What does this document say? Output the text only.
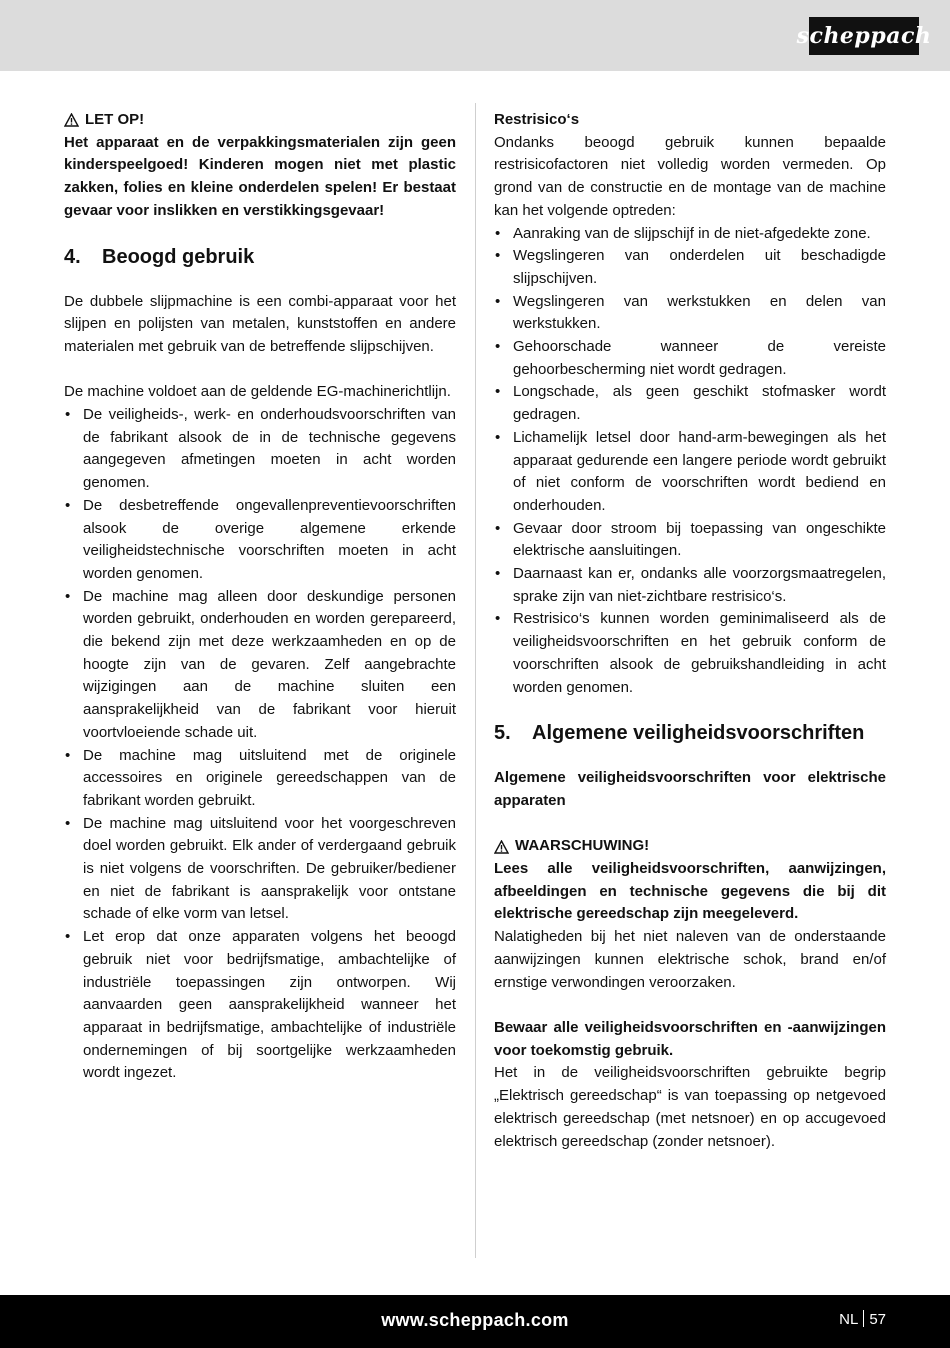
scheppach
LET OP!

Het apparaat en de verpakkingsmaterialen zijn geen kinderspeelgoed! Kinderen mogen niet met plastic zakken, folies en kleine onderdelen spelen! Er bestaat gevaar voor inslikken en verstikkingsgevaar!

4.	Beoogd gebruik

De dubbele slijpmachine is een combi-apparaat voor het slijpen en polijsten van metalen, kunststoffen en andere materialen met gebruik van de betreffende slijpschijven.

De machine voldoet aan de geldende EG-machinerichtlijn.

• De veiligheids-, werk- en onderhoudsvoorschriften van de fabrikant alsook de in de technische gegevens aangegeven afmetingen moeten in acht worden genomen.
• De desbetreffende ongevallenpreventievoorschriften alsook de overige algemene erkende veiligheidstechnische voorschriften moeten in acht worden genomen.
• De machine mag alleen door deskundige personen worden gebruikt, onderhouden en worden gerepareerd, die bekend zijn met deze werkzaamheden en op de hoogte zijn van de gevaren. Zelf aangebrachte wijzigingen aan de machine sluiten een aansprakelijkheid van de fabrikant voor hieruit voortvloeiende schade uit.
• De machine mag uitsluitend met de originele accessoires en originele gereedschappen van de fabrikant worden gebruikt.
• De machine mag uitsluitend voor het voorgeschreven doel worden gebruikt. Elk ander of verdergaand gebruik is niet volgens de voorschriften. De gebruiker/bediener en niet de fabrikant is aansprakelijk voor ontstane schade of elke vorm van letsel.
• Let erop dat onze apparaten volgens het beoogd gebruik niet voor bedrijfsmatige, ambachtelijke of industriële toepassingen zijn ontworpen. Wij aanvaarden geen aansprakelijkheid wanneer het apparaat in bedrijfsmatige, ambachtelijke of industriële ondernemingen of bij soortgelijke werkzaamheden wordt ingezet.

Restrisico‘s

Ondanks beoogd gebruik kunnen bepaalde restrisicofactoren niet volledig worden vermeden. Op grond van de constructie en de montage van de machine kan het volgende optreden:

• Aanraking van de slijpschijf in de niet-afgedekte zone.
• Wegslingeren van onderdelen uit beschadigde slijpschijven.
• Wegslingeren van werkstukken en delen van werkstukken.
• Gehoorschade wanneer de vereiste gehoorbescherming niet wordt gedragen.
• Longschade, als geen geschikt stofmasker wordt gedragen.
• Lichamelijk letsel door hand-arm-bewegingen als het apparaat gedurende een langere periode wordt gebruikt of niet conform de voorschriften wordt bediend en onderhouden.
• Gevaar door stroom bij toepassing van ongeschikte elektrische aansluitingen.
• Daarnaast kan er, ondanks alle voorzorgsmaatregelen, sprake zijn van niet-zichtbare restrisico‘s.
• Restrisico‘s kunnen worden geminimaliseerd als de veiligheidsvoorschriften en het gebruik conform de voorschriften alsook de gebruikshandleiding in acht worden genomen.
5.	Algemene veiligheidsvoorschriften

Algemene veiligheidsvoorschriften voor elektrische apparaten

WAARSCHUWING!

Lees alle veiligheidsvoorschriften, aanwijzingen, afbeeldingen en technische gegevens die bij dit elektrische gereedschap zijn meegeleverd.

Nalatigheden bij het niet naleven van de onderstaande aanwijzingen kunnen elektrische schok, brand en/of ernstige verwondingen veroorzaken.

Bewaar alle veiligheidsvoorschriften en -aanwijzingen voor toekomstig gebruik.

Het in de veiligheidsvoorschriften gebruikte begrip „Elektrisch gereedschap“ is van toepassing op netgevoed elektrisch gereedschap (met netsnoer) en op accugevoed elektrisch gereedschap (zonder netsnoer).

www.scheppach.com	NL 57
